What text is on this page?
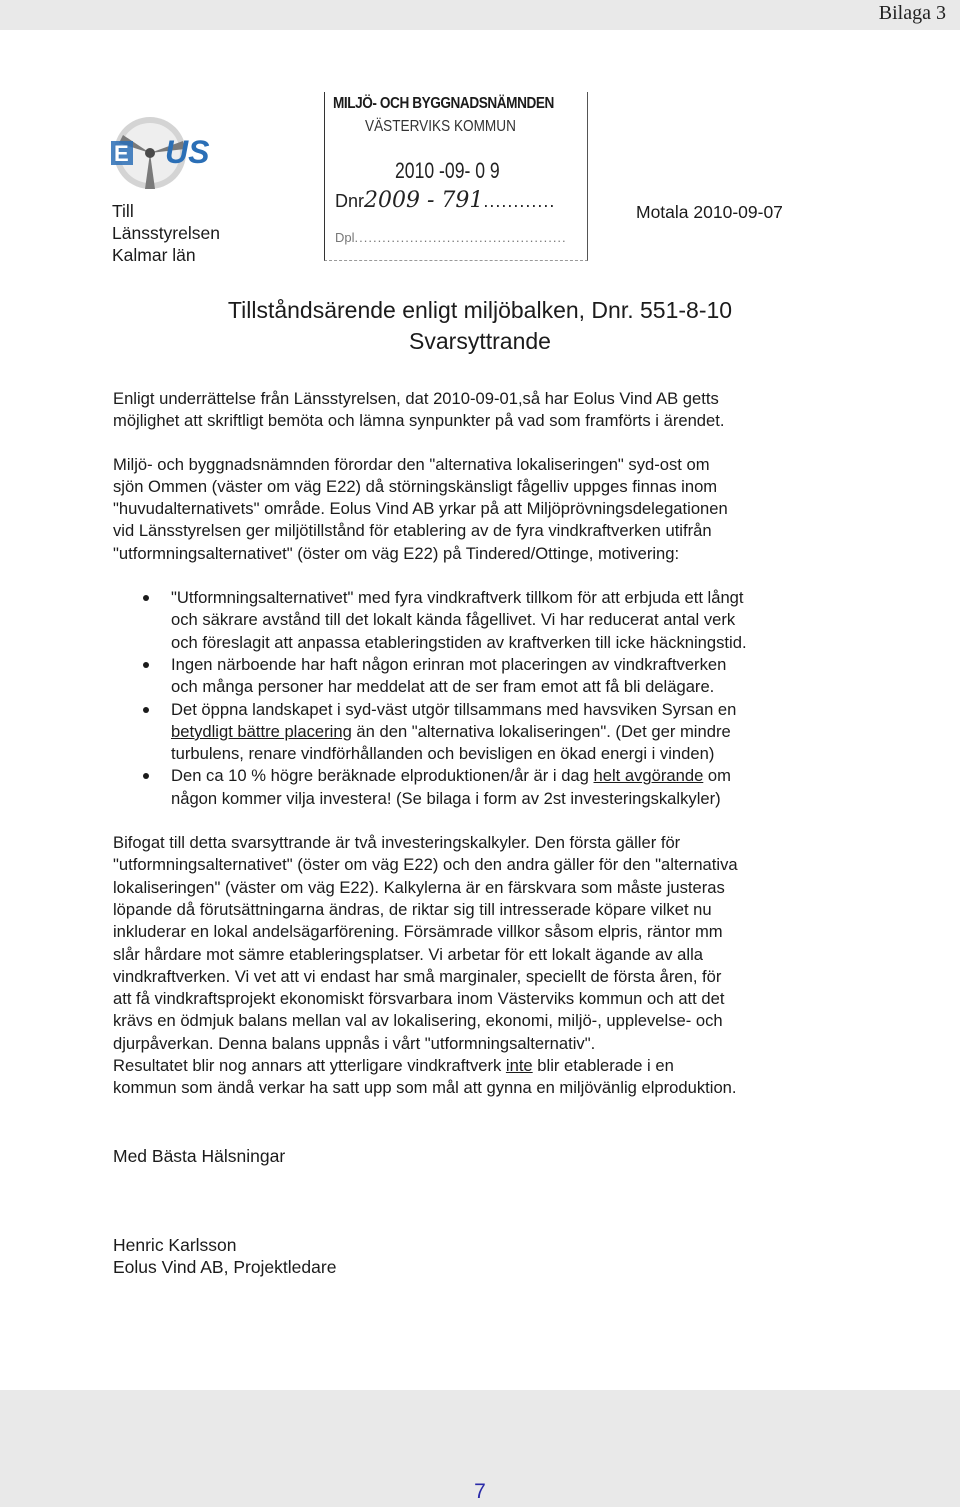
Bilaga 3
E US
MILJÖ- OCH BYGGNADSNÄMNDEN
VÄSTERVIKS KOMMUN
2010 -09- 0 9
Dnr2009 - 791............
Dpl..............................................
Till
Länsstyrelsen
Kalmar län
Motala 2010-09-07
Tillståndsärende enligt miljöbalken, Dnr. 551-8-10
Svarsyttrande

Enligt underrättelse från Länsstyrelsen, dat 2010-09-01,så har Eolus Vind AB getts
möjlighet att skriftligt bemöta och lämna synpunkter på vad som framförts i ärendet.

Miljö- och byggnadsnämnden förordar den "alternativa lokaliseringen" syd-ost om
sjön Ommen (väster om väg E22) då störningskänsligt fågelliv uppges finnas inom
"huvudalternativets" område. Eolus Vind AB yrkar på att Miljöprövningsdelegationen
vid Länsstyrelsen ger miljötillstånd för etablering av de fyra vindkraftverken utifrån
"utformningsalternativet" (öster om väg E22) på Tindered/Ottinge, motivering:

"Utformningsalternativet" med fyra vindkraftverk tillkom för att erbjuda ett långt
och säkrare avstånd till det lokalt kända fågellivet. Vi har reducerat antal verk
och föreslagit att anpassa etableringstiden av kraftverken till icke häckningstid.
Ingen närboende har haft någon erinran mot placeringen av vindkraftverken
och många personer har meddelat att de ser fram emot att få bli delägare.
Det öppna landskapet i syd-väst utgör tillsammans med havsviken Syrsan en
betydligt bättre placering än den "alternativa lokaliseringen". (Det ger mindre
turbulens, renare vindförhållanden och bevisligen en ökad energi i vinden)
Den ca 10 % högre beräknade elproduktionen/år är i dag helt avgörande om
någon kommer vilja investera! (Se bilaga i form av 2st investeringskalkyler)

Bifogat till detta svarsyttrande är två investeringskalkyler. Den första gäller för
"utformningsalternativet" (öster om väg E22) och den andra gäller för den "alternativa
lokaliseringen" (väster om väg E22). Kalkylerna är en färskvara som måste justeras
löpande då förutsättningarna ändras, de riktar sig till intresserade köpare vilket nu
inkluderar en lokal andelsägarförening. Försämrade villkor såsom elpris, räntor mm
slår hårdare mot sämre etableringsplatser. Vi arbetar för ett lokalt ägande av alla
vindkraftverken. Vi vet att vi endast har små marginaler, speciellt de första åren, för
att få vindkraftsprojekt ekonomiskt försvarbara inom Västerviks kommun och att det
krävs en ödmjuk balans mellan val av lokalisering, ekonomi, miljö-, upplevelse- och
djurpåverkan. Denna balans uppnås i vårt "utformningsalternativ".
Resultatet blir nog annars att ytterligare vindkraftverk inte blir etablerade i en
kommun som ändå verkar ha satt upp som mål att gynna en miljövänlig elproduktion.

Med Bästa Hälsningar
Henric Karlsson
Eolus Vind AB, Projektledare
7
